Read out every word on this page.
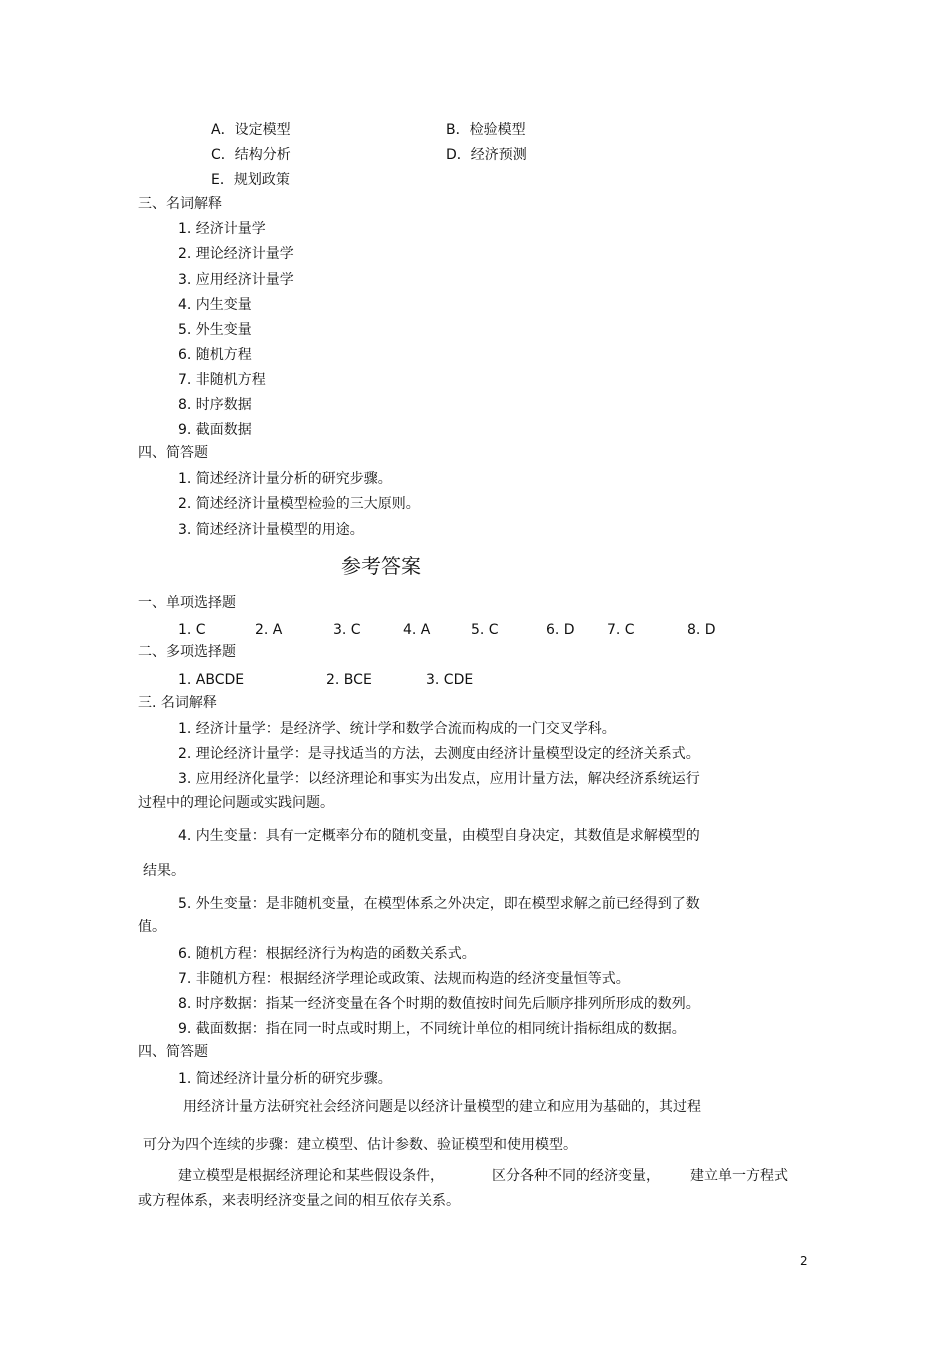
A．设定模型	B．检验模型
C．结构分析	D．经济预测
E．规划政策
三、名词解释
1. 经济计量学
2. 理论经济计量学
3. 应用经济计量学
4. 内生变量
5. 外生变量
6. 随机方程
7. 非随机方程
8. 时序数据
9. 截面数据
四、简答题
1. 简述经济计量分析的研究步骤。
2. 简述经济计量模型检验的三大原则。
3. 简述经济计量模型的用途。
参考答案
一、单项选择题
1. C	2. A	3. C	4. A	5. C	6. D 7. C	8. D
二、多项选择题
1. ABCDE	2. BCE	3. CDE
三. 名词解释
1. 经济计量学：是经济学、统计学和数学合流而构成的一门交叉学科。
2. 理论经济计量学：是寻找适当的方法，去测度由经济计量模型设定的经济关系式。
3. 应用经济化量学：以经济理论和事实为出发点，应用计量方法，解决经济系统运行
过程中的理论问题或实践问题。
4. 内生变量：具有一定概率分布的随机变量，由模型自身决定，其数值是求解模型的
结果。
5. 外生变量：是非随机变量，在模型体系之外决定，即在模型求解之前已经得到了数
值。
6. 随机方程：根据经济行为构造的函数关系式。
7. 非随机方程：根据经济学理论或政策、法规而构造的经济变量恒等式。
8. 时序数据：指某一经济变量在各个时期的数值按时间先后顺序排列所形成的数列。
9. 截面数据：指在同一时点或时期上，不同统计单位的相同统计指标组成的数据。
四、简答题
1. 简述经济计量分析的研究步骤。
用经济计量方法研究社会经济问题是以经济计量模型的建立和应用为基础的，其过程
可分为四个连续的步骤：建立模型、估计参数、验证模型和使用模型。
建立模型是根据经济理论和某些假设条件，	区分各种不同的经济变量， 建立单一方程式
或方程体系，来表明经济变量之间的相互依存关系。
2
